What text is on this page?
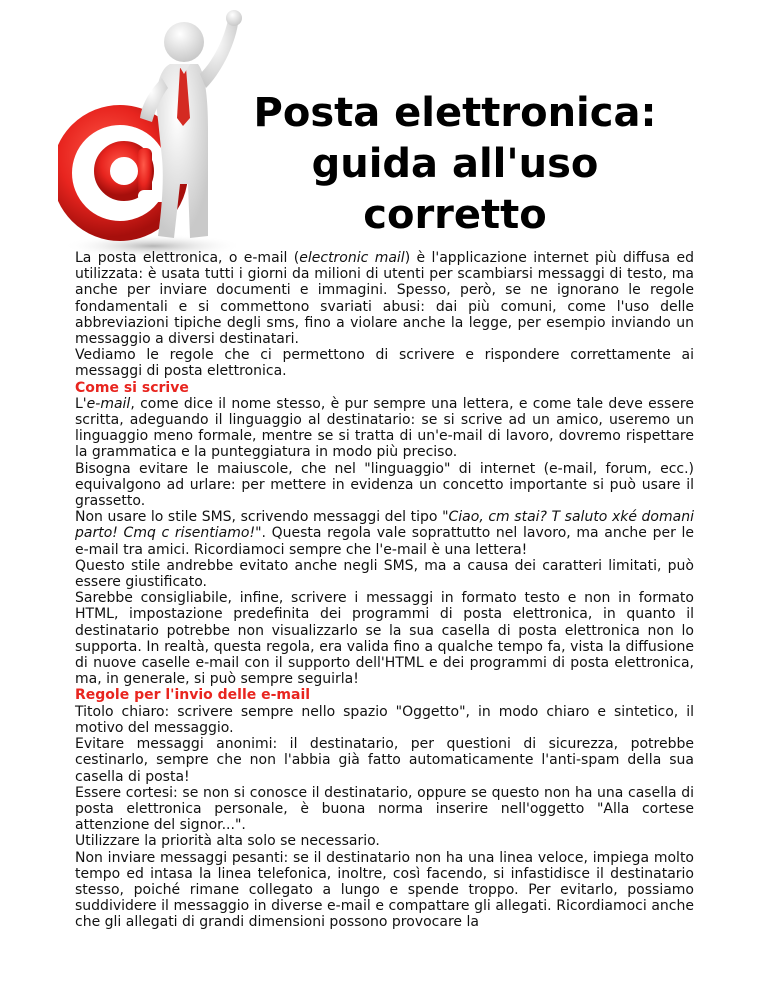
Posta elettronica:
guida all'uso
corretto

La posta elettronica, o e-mail (electronic mail) è l'applicazione internet più diffusa ed utilizzata: è usata tutti i giorni da milioni di utenti per scambiarsi messaggi di testo, ma anche per inviare documenti e immagini. Spesso, però, se ne ignorano le regole fondamentali e si commettono svariati abusi: dai più comuni, come l'uso delle abbreviazioni tipiche degli sms, fino a violare anche la legge, per esempio inviando un messaggio a diversi destinatari.

Vediamo le regole che ci permettono di scrivere e rispondere correttamente ai messaggi di posta elettronica.

Come si scrive

L'e-mail, come dice il nome stesso, è pur sempre una lettera, e come tale deve essere scritta, adeguando il linguaggio al destinatario: se si scrive ad un amico, useremo un linguaggio meno formale, mentre se si tratta di un'e-mail di lavoro, dovremo rispettare la grammatica e la punteggiatura in modo più preciso.

Bisogna evitare le maiuscole, che nel "linguaggio" di internet (e-mail, forum, ecc.) equivalgono ad urlare: per mettere in evidenza un concetto importante si può usare il grassetto.

Non usare lo stile SMS, scrivendo messaggi del tipo "Ciao, cm stai? T saluto xké domani parto! Cmq c risentiamo!". Questa regola vale soprattutto nel lavoro, ma anche per le e-mail tra amici. Ricordiamoci sempre che l'e-mail è una lettera!

Questo stile andrebbe evitato anche negli SMS, ma a causa dei caratteri limitati, può essere giustificato.

Sarebbe consigliabile, infine, scrivere i messaggi in formato testo e non in formato HTML, impostazione predefinita dei programmi di posta elettronica, in quanto il destinatario potrebbe non visualizzarlo se la sua casella di posta elettronica non lo supporta. In realtà, questa regola, era valida fino a qualche tempo fa, vista la diffusione di nuove caselle e-mail con il supporto dell'HTML e dei programmi di posta elettronica, ma, in generale, si può sempre seguirla!

Regole per l'invio delle e-mail

Titolo chiaro: scrivere sempre nello spazio "Oggetto", in modo chiaro e sintetico, il motivo del messaggio.

Evitare messaggi anonimi: il destinatario, per questioni di sicurezza, potrebbe cestinarlo, sempre che non l'abbia già fatto automaticamente l'anti-spam della sua casella di posta!

Essere cortesi: se non si conosce il destinatario, oppure se questo non ha una casella di posta elettronica personale, è buona norma inserire nell'oggetto "Alla cortese attenzione del signor...".

Utilizzare la priorità alta solo se necessario.

Non inviare messaggi pesanti: se il destinatario non ha una linea veloce, impiega molto tempo ed intasa la linea telefonica, inoltre, così facendo, si infastidisce il destinatario stesso, poiché rimane collegato a lungo e spende troppo. Per evitarlo, possiamo suddividere il messaggio in diverse e-mail e compattare gli allegati. Ricordiamoci anche che gli allegati di grandi dimensioni possono provocare la
